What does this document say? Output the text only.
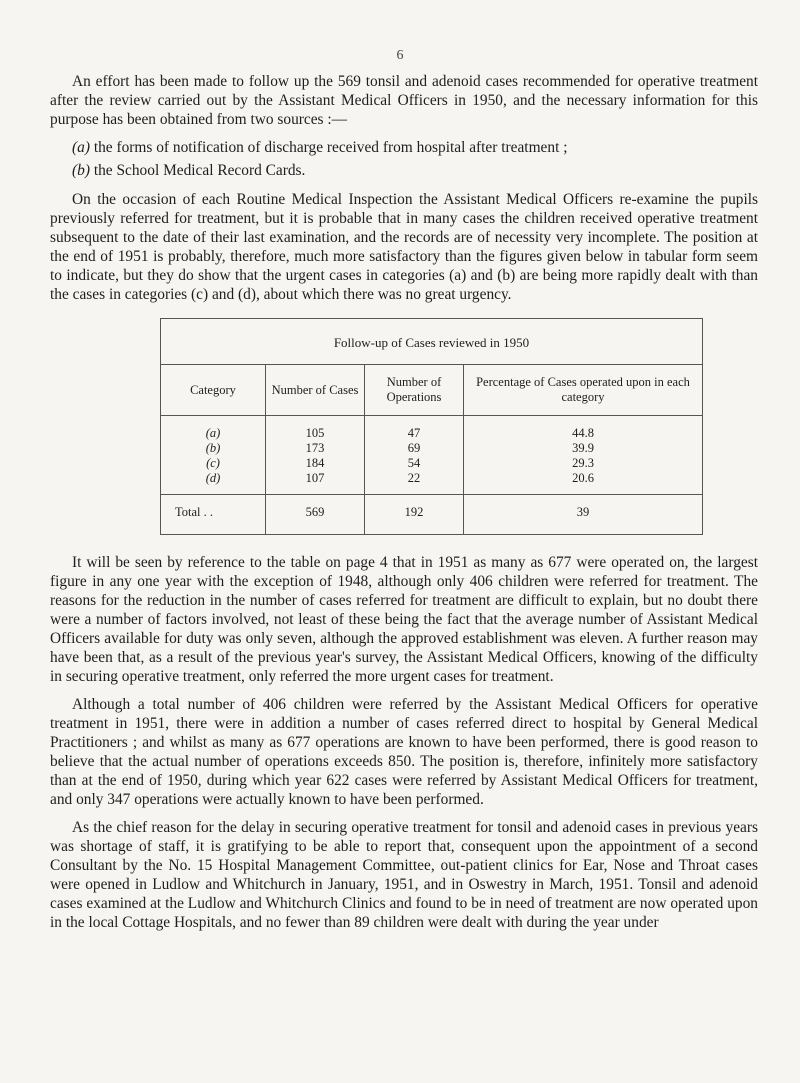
6

An effort has been made to follow up the 569 tonsil and adenoid cases recommended for operative treatment after the review carried out by the Assistant Medical Officers in 1950, and the necessary information for this purpose has been obtained from two sources :—

(a) the forms of notification of discharge received from hospital after treatment ;
(b) the School Medical Record Cards.

On the occasion of each Routine Medical Inspection the Assistant Medical Officers re-examine the pupils previously referred for treatment, but it is probable that in many cases the children received operative treatment subsequent to the date of their last examination, and the records are of necessity very incomplete. The position at the end of 1951 is probably, therefore, much more satisfactory than the figures given below in tabular form seem to indicate, but they do show that the urgent cases in categories (a) and (b) are being more rapidly dealt with than the cases in categories (c) and (d), about which there was no great urgency.

Follow-up of Cases reviewed in 1950			
Category	Number of Cases	Number of Operations	Percentage of Cases operated upon in each category
(a)	105	47	44.8
(b)	173	69	39.9
(c)	184	54	29.3
(d)	107	22	20.6
Total . .	569	192	39

It will be seen by reference to the table on page 4 that in 1951 as many as 677 were operated on, the largest figure in any one year with the exception of 1948, although only 406 children were referred for treatment. The reasons for the reduction in the number of cases referred for treatment are difficult to explain, but no doubt there were a number of factors involved, not least of these being the fact that the average number of Assistant Medical Officers available for duty was only seven, although the approved establishment was eleven. A further reason may have been that, as a result of the previous year's survey, the Assistant Medical Officers, knowing of the difficulty in securing operative treatment, only referred the more urgent cases for treatment.

Although a total number of 406 children were referred by the Assistant Medical Officers for operative treatment in 1951, there were in addition a number of cases referred direct to hospital by General Medical Practitioners ; and whilst as many as 677 operations are known to have been performed, there is good reason to believe that the actual number of operations exceeds 850. The position is, therefore, infinitely more satisfactory than at the end of 1950, during which year 622 cases were referred by Assistant Medical Officers for treatment, and only 347 operations were actually known to have been performed.

As the chief reason for the delay in securing operative treatment for tonsil and adenoid cases in previous years was shortage of staff, it is gratifying to be able to report that, consequent upon the appointment of a second Consultant by the No. 15 Hospital Management Committee, out-patient clinics for Ear, Nose and Throat cases were opened in Ludlow and Whitchurch in January, 1951, and in Oswestry in March, 1951. Tonsil and adenoid cases examined at the Ludlow and Whitchurch Clinics and found to be in need of treatment are now operated upon in the local Cottage Hospitals, and no fewer than 89 children were dealt with during the year under
